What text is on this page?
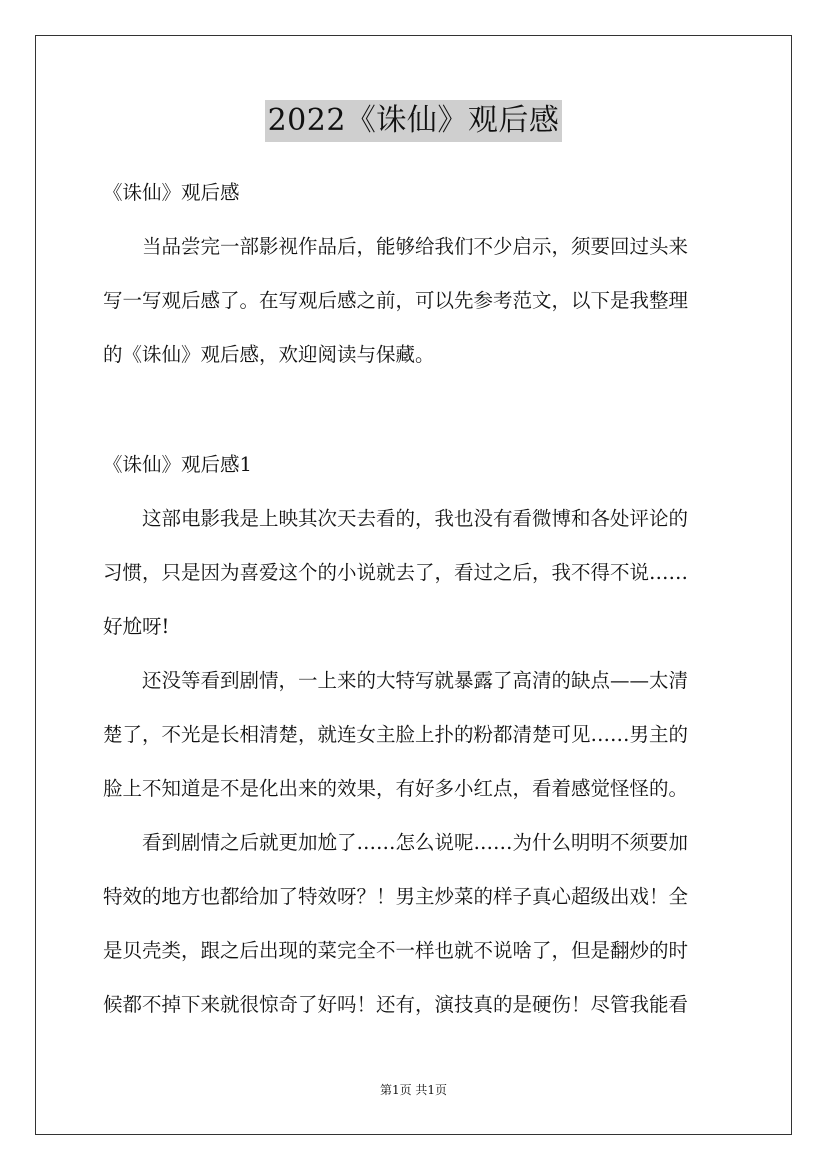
2022《诛仙》观后感
《诛仙》观后感
当品尝完一部影视作品后，能够给我们不少启示，须要回过头来
写一写观后感了。在写观后感之前，可以先参考范文，以下是我整理
的《诛仙》观后感，欢迎阅读与保藏。
《诛仙》观后感1
这部电影我是上映其次天去看的，我也没有看微博和各处评论的
习惯，只是因为喜爱这个的小说就去了，看过之后，我不得不说……
好尬呀!
还没等看到剧情，一上来的大特写就暴露了高清的缺点——太清
楚了，不光是长相清楚，就连女主脸上扑的粉都清楚可见……男主的
脸上不知道是不是化出来的效果，有好多小红点，看着感觉怪怪的。
看到剧情之后就更加尬了……怎么说呢……为什么明明不须要加
特效的地方也都给加了特效呀？！男主炒菜的样子真心超级出戏！全
是贝壳类，跟之后出现的菜完全不一样也就不说啥了，但是翻炒的时
候都不掉下来就很惊奇了好吗！还有，演技真的是硬伤！尽管我能看
第1页 共1页
